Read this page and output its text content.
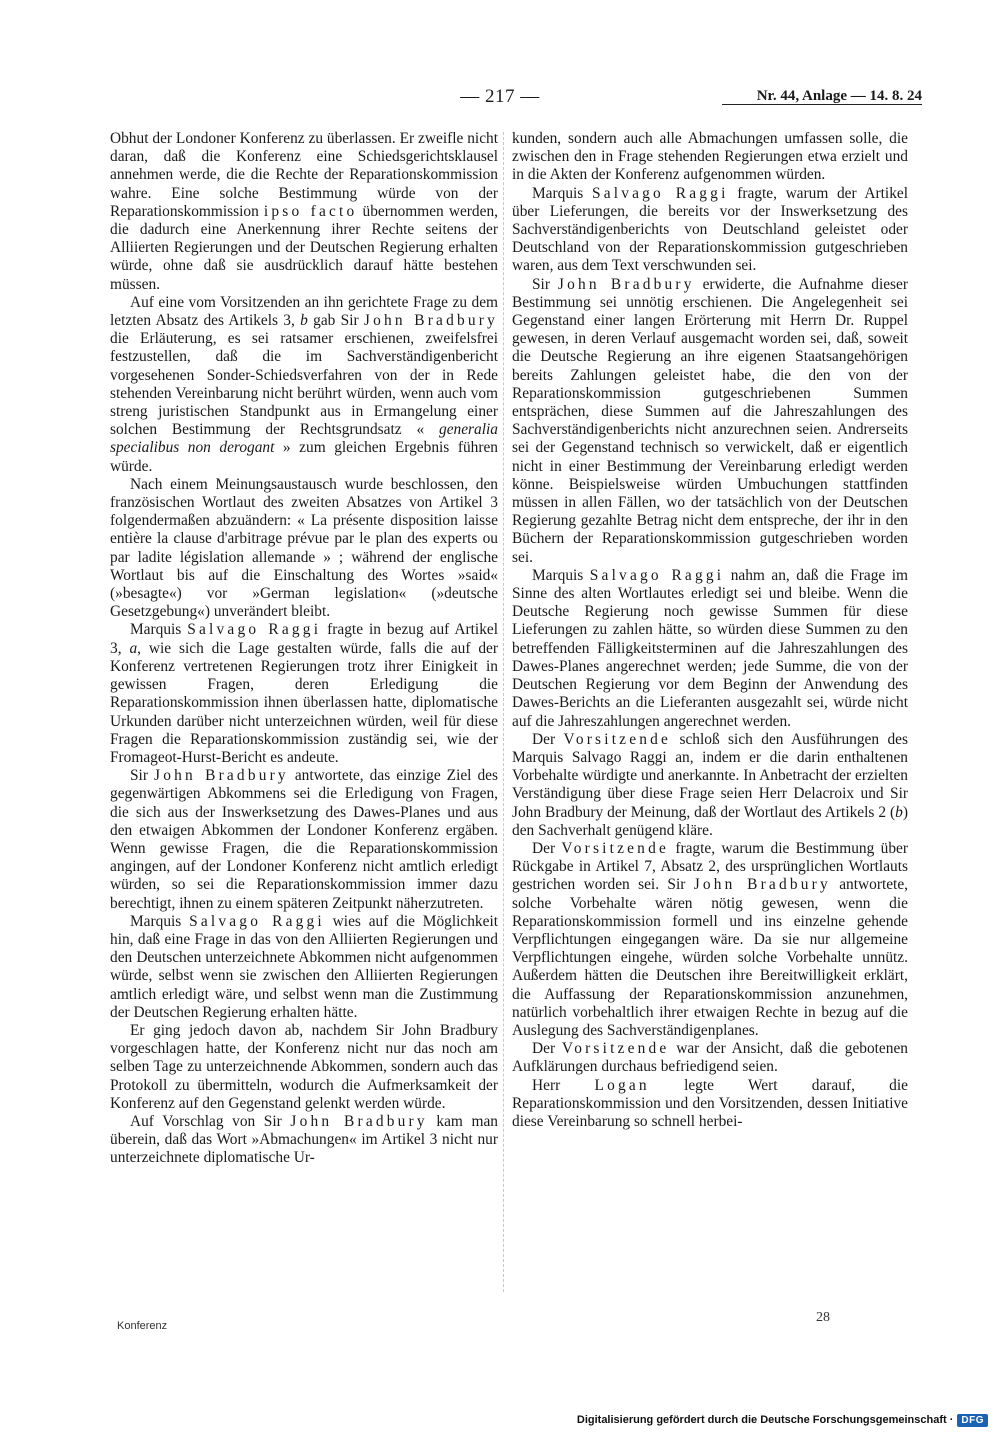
— 217 —	Nr. 44, Anlage — 14. 8. 24

Obhut der Londoner Konferenz zu überlassen. Er zweifle nicht daran, daß die Konferenz eine Schiedsgerichtsklausel annehmen werde, die die Rechte der Reparationskommission wahre. Eine solche Bestimmung würde von der Reparationskommission ipso facto übernommen werden, die dadurch eine Anerkennung ihrer Rechte seitens der Alliierten Regierungen und der Deutschen Regierung erhalten würde, ohne daß sie ausdrücklich darauf hätte bestehen müssen.

Auf eine vom Vorsitzenden an ihn gerichtete Frage zu dem letzten Absatz des Artikels 3, b gab Sir John Bradbury die Erläuterung, es sei ratsamer erschienen, zweifelsfrei festzustellen, daß die im Sachverständigenbericht vorgesehenen Sonder-Schiedsverfahren von der in Rede stehenden Vereinbarung nicht berührt würden, wenn auch vom streng juristischen Standpunkt aus in Ermangelung einer solchen Bestimmung der Rechtsgrundsatz « generalia specialibus non derogant » zum gleichen Ergebnis führen würde.

Nach einem Meinungsaustausch wurde beschlossen, den französischen Wortlaut des zweiten Absatzes von Artikel 3 folgendermaßen abzuändern: « La présente disposition laisse entière la clause d'arbitrage prévue par le plan des experts ou par ladite législation allemande » ; während der englische Wortlaut bis auf die Einschaltung des Wortes »said« (»besagte«) vor »German legislation« (»deutsche Gesetzgebung«) unverändert bleibt.

Marquis Salvago Raggi fragte in bezug auf Artikel 3, a, wie sich die Lage gestalten würde, falls die auf der Konferenz vertretenen Regierungen trotz ihrer Einigkeit in gewissen Fragen, deren Erledigung die Reparationskommission ihnen überlassen hatte, diplomatische Urkunden darüber nicht unterzeichnen würden, weil für diese Fragen die Reparationskommission zuständig sei, wie der Fromageot-Hurst-Bericht es andeute.

Sir John Bradbury antwortete, das einzige Ziel des gegenwärtigen Abkommens sei die Erledigung von Fragen, die sich aus der Inswerksetzung des Dawes-Planes und aus den etwaigen Abkommen der Londoner Konferenz ergäben. Wenn gewisse Fragen, die die Reparationskommission angingen, auf der Londoner Konferenz nicht amtlich erledigt würden, so sei die Reparationskommission immer dazu berechtigt, ihnen zu einem späteren Zeitpunkt näherzutreten.

Marquis Salvago Raggi wies auf die Möglichkeit hin, daß eine Frage in das von den Alliierten Regierungen und den Deutschen unterzeichnete Abkommen nicht aufgenommen würde, selbst wenn sie zwischen den Alliierten Regierungen amtlich erledigt wäre, und selbst wenn man die Zustimmung der Deutschen Regierung erhalten hätte.

Er ging jedoch davon ab, nachdem Sir John Bradbury vorgeschlagen hatte, der Konferenz nicht nur das noch am selben Tage zu unterzeichnende Abkommen, sondern auch das Protokoll zu übermitteln, wodurch die Aufmerksamkeit der Konferenz auf den Gegenstand gelenkt werden würde.

Auf Vorschlag von Sir John Bradbury kam man überein, daß das Wort »Abmachungen« im Artikel 3 nicht nur unterzeichnete diplomatische Ur-

kunden, sondern auch alle Abmachungen umfassen solle, die zwischen den in Frage stehenden Regierungen etwa erzielt und in die Akten der Konferenz aufgenommen würden.

Marquis Salvago Raggi fragte, warum der Artikel über Lieferungen, die bereits vor der Inswerksetzung des Sachverständigenberichts von Deutschland geleistet oder Deutschland von der Reparationskommission gutgeschrieben waren, aus dem Text verschwunden sei.

Sir John Bradbury erwiderte, die Aufnahme dieser Bestimmung sei unnötig erschienen. Die Angelegenheit sei Gegenstand einer langen Erörterung mit Herrn Dr. Ruppel gewesen, in deren Verlauf ausgemacht worden sei, daß, soweit die Deutsche Regierung an ihre eigenen Staatsangehörigen bereits Zahlungen geleistet habe, die den von der Reparationskommission gutgeschriebenen Summen entsprächen, diese Summen auf die Jahreszahlungen des Sachverständigenberichts nicht anzurechnen seien. Andrerseits sei der Gegenstand technisch so verwickelt, daß er eigentlich nicht in einer Bestimmung der Vereinbarung erledigt werden könne. Beispielsweise würden Umbuchungen stattfinden müssen in allen Fällen, wo der tatsächlich von der Deutschen Regierung gezahlte Betrag nicht dem entspreche, der ihr in den Büchern der Reparationskommission gutgeschrieben worden sei.

Marquis Salvago Raggi nahm an, daß die Frage im Sinne des alten Wortlautes erledigt sei und bleibe. Wenn die Deutsche Regierung noch gewisse Summen für diese Lieferungen zu zahlen hätte, so würden diese Summen zu den betreffenden Fälligkeitsterminen auf die Jahreszahlungen des Dawes-Planes angerechnet werden; jede Summe, die von der Deutschen Regierung vor dem Beginn der Anwendung des Dawes-Berichts an die Lieferanten ausgezahlt sei, würde nicht auf die Jahreszahlungen angerechnet werden.

Der Vorsitzende schloß sich den Ausführungen des Marquis Salvago Raggi an, indem er die darin enthaltenen Vorbehalte würdigte und anerkannte. In Anbetracht der erzielten Verständigung über diese Frage seien Herr Delacroix und Sir John Bradbury der Meinung, daß der Wortlaut des Artikels 2 (b) den Sachverhalt genügend kläre.

Der Vorsitzende fragte, warum die Bestimmung über Rückgabe in Artikel 7, Absatz 2, des ursprünglichen Wortlauts gestrichen worden sei. Sir John Bradbury antwortete, solche Vorbehalte wären nötig gewesen, wenn die Reparationskommission formell und ins einzelne gehende Verpflichtungen eingegangen wäre. Da sie nur allgemeine Verpflichtungen eingehe, würden solche Vorbehalte unnütz. Außerdem hätten die Deutschen ihre Bereitwilligkeit erklärt, die Auffassung der Reparationskommission anzunehmen, natürlich vorbehaltlich ihrer etwaigen Rechte in bezug auf die Auslegung des Sachverständigenplanes.

Der Vorsitzende war der Ansicht, daß die gebotenen Aufklärungen durchaus befriedigend seien.

Herr Logan legte Wert darauf, die Reparationskommission und den Vorsitzenden, dessen Initiative diese Vereinbarung so schnell herbei-

Konferenz
28
Digitalisierung gefördert durch die Deutsche Forschungsgemeinschaft · DFG
